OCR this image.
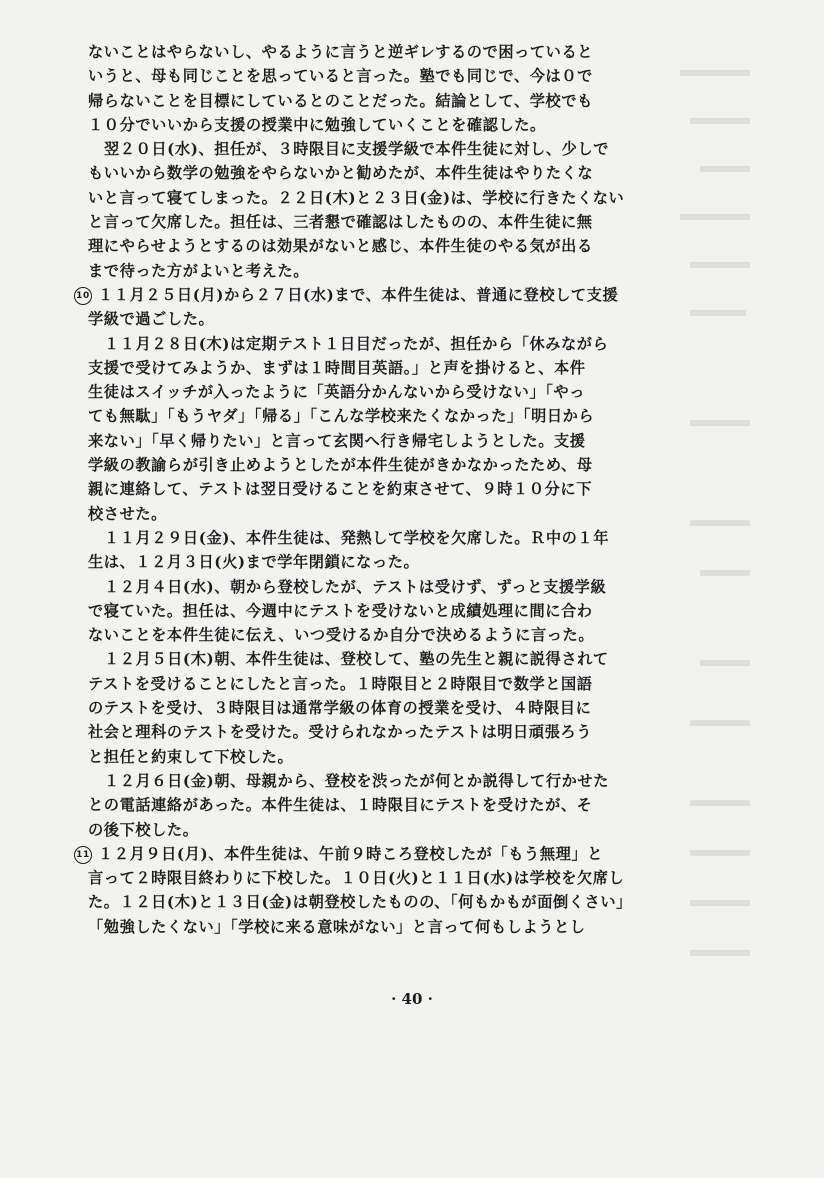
ないことはやらないし、やるように言うと逆ギレするので困っていると
いうと、母も同じことを思っていると言った。塾でも同じで、今は０で
帰らないことを目標にしているとのことだった。結論として、学校でも
１０分でいいから支援の授業中に勉強していくことを確認した。
翌２０日(水)、担任が、３時限目に支援学級で本件生徒に対し、少しで
もいいから数学の勉強をやらないかと勧めたが、本件生徒はやりたくな
いと言って寝てしまった。２２日(木)と２３日(金)は、学校に行きたくない
と言って欠席した。担任は、三者懇で確認はしたものの、本件生徒に無
理にやらせようとするのは効果がないと感じ、本件生徒のやる気が出る
まで待った方がよいと考えた。
10 １１月２５日(月)から２７日(水)まで、本件生徒は、普通に登校して支援
学級で過ごした。
１１月２８日(木)は定期テスト１日目だったが、担任から「休みながら
支援で受けてみようか、まずは１時間目英語。」と声を掛けると、本件
生徒はスイッチが入ったように「英語分かんないから受けない」「やっ
ても無駄」「もうヤダ」「帰る」「こんな学校来たくなかった」「明日から
来ない」「早く帰りたい」と言って玄関へ行き帰宅しようとした。支援
学級の教諭らが引き止めようとしたが本件生徒がきかなかったため、母
親に連絡して、テストは翌日受けることを約束させて、９時１０分に下
校させた。
１１月２９日(金)、本件生徒は、発熱して学校を欠席した。Ｒ中の１年
生は、１２月３日(火)まで学年閉鎖になった。
１２月４日(水)、朝から登校したが、テストは受けず、ずっと支援学級
で寝ていた。担任は、今週中にテストを受けないと成績処理に間に合わ
ないことを本件生徒に伝え、いつ受けるか自分で決めるように言った。
１２月５日(木)朝、本件生徒は、登校して、塾の先生と親に説得されて
テストを受けることにしたと言った。１時限目と２時限目で数学と国語
のテストを受け、３時限目は通常学級の体育の授業を受け、４時限目に
社会と理科のテストを受けた。受けられなかったテストは明日頑張ろう
と担任と約束して下校した。
１２月６日(金)朝、母親から、登校を渋ったが何とか説得して行かせた
との電話連絡があった。本件生徒は、１時限目にテストを受けたが、そ
の後下校した。
11 １２月９日(月)、本件生徒は、午前９時ころ登校したが「もう無理」と
言って２時限目終わりに下校した。１０日(火)と１１日(水)は学校を欠席し
た。１２日(木)と１３日(金)は朝登校したものの、「何もかもが面倒くさい」
「勉強したくない」「学校に来る意味がない」と言って何もしようとし
· 40 ·
